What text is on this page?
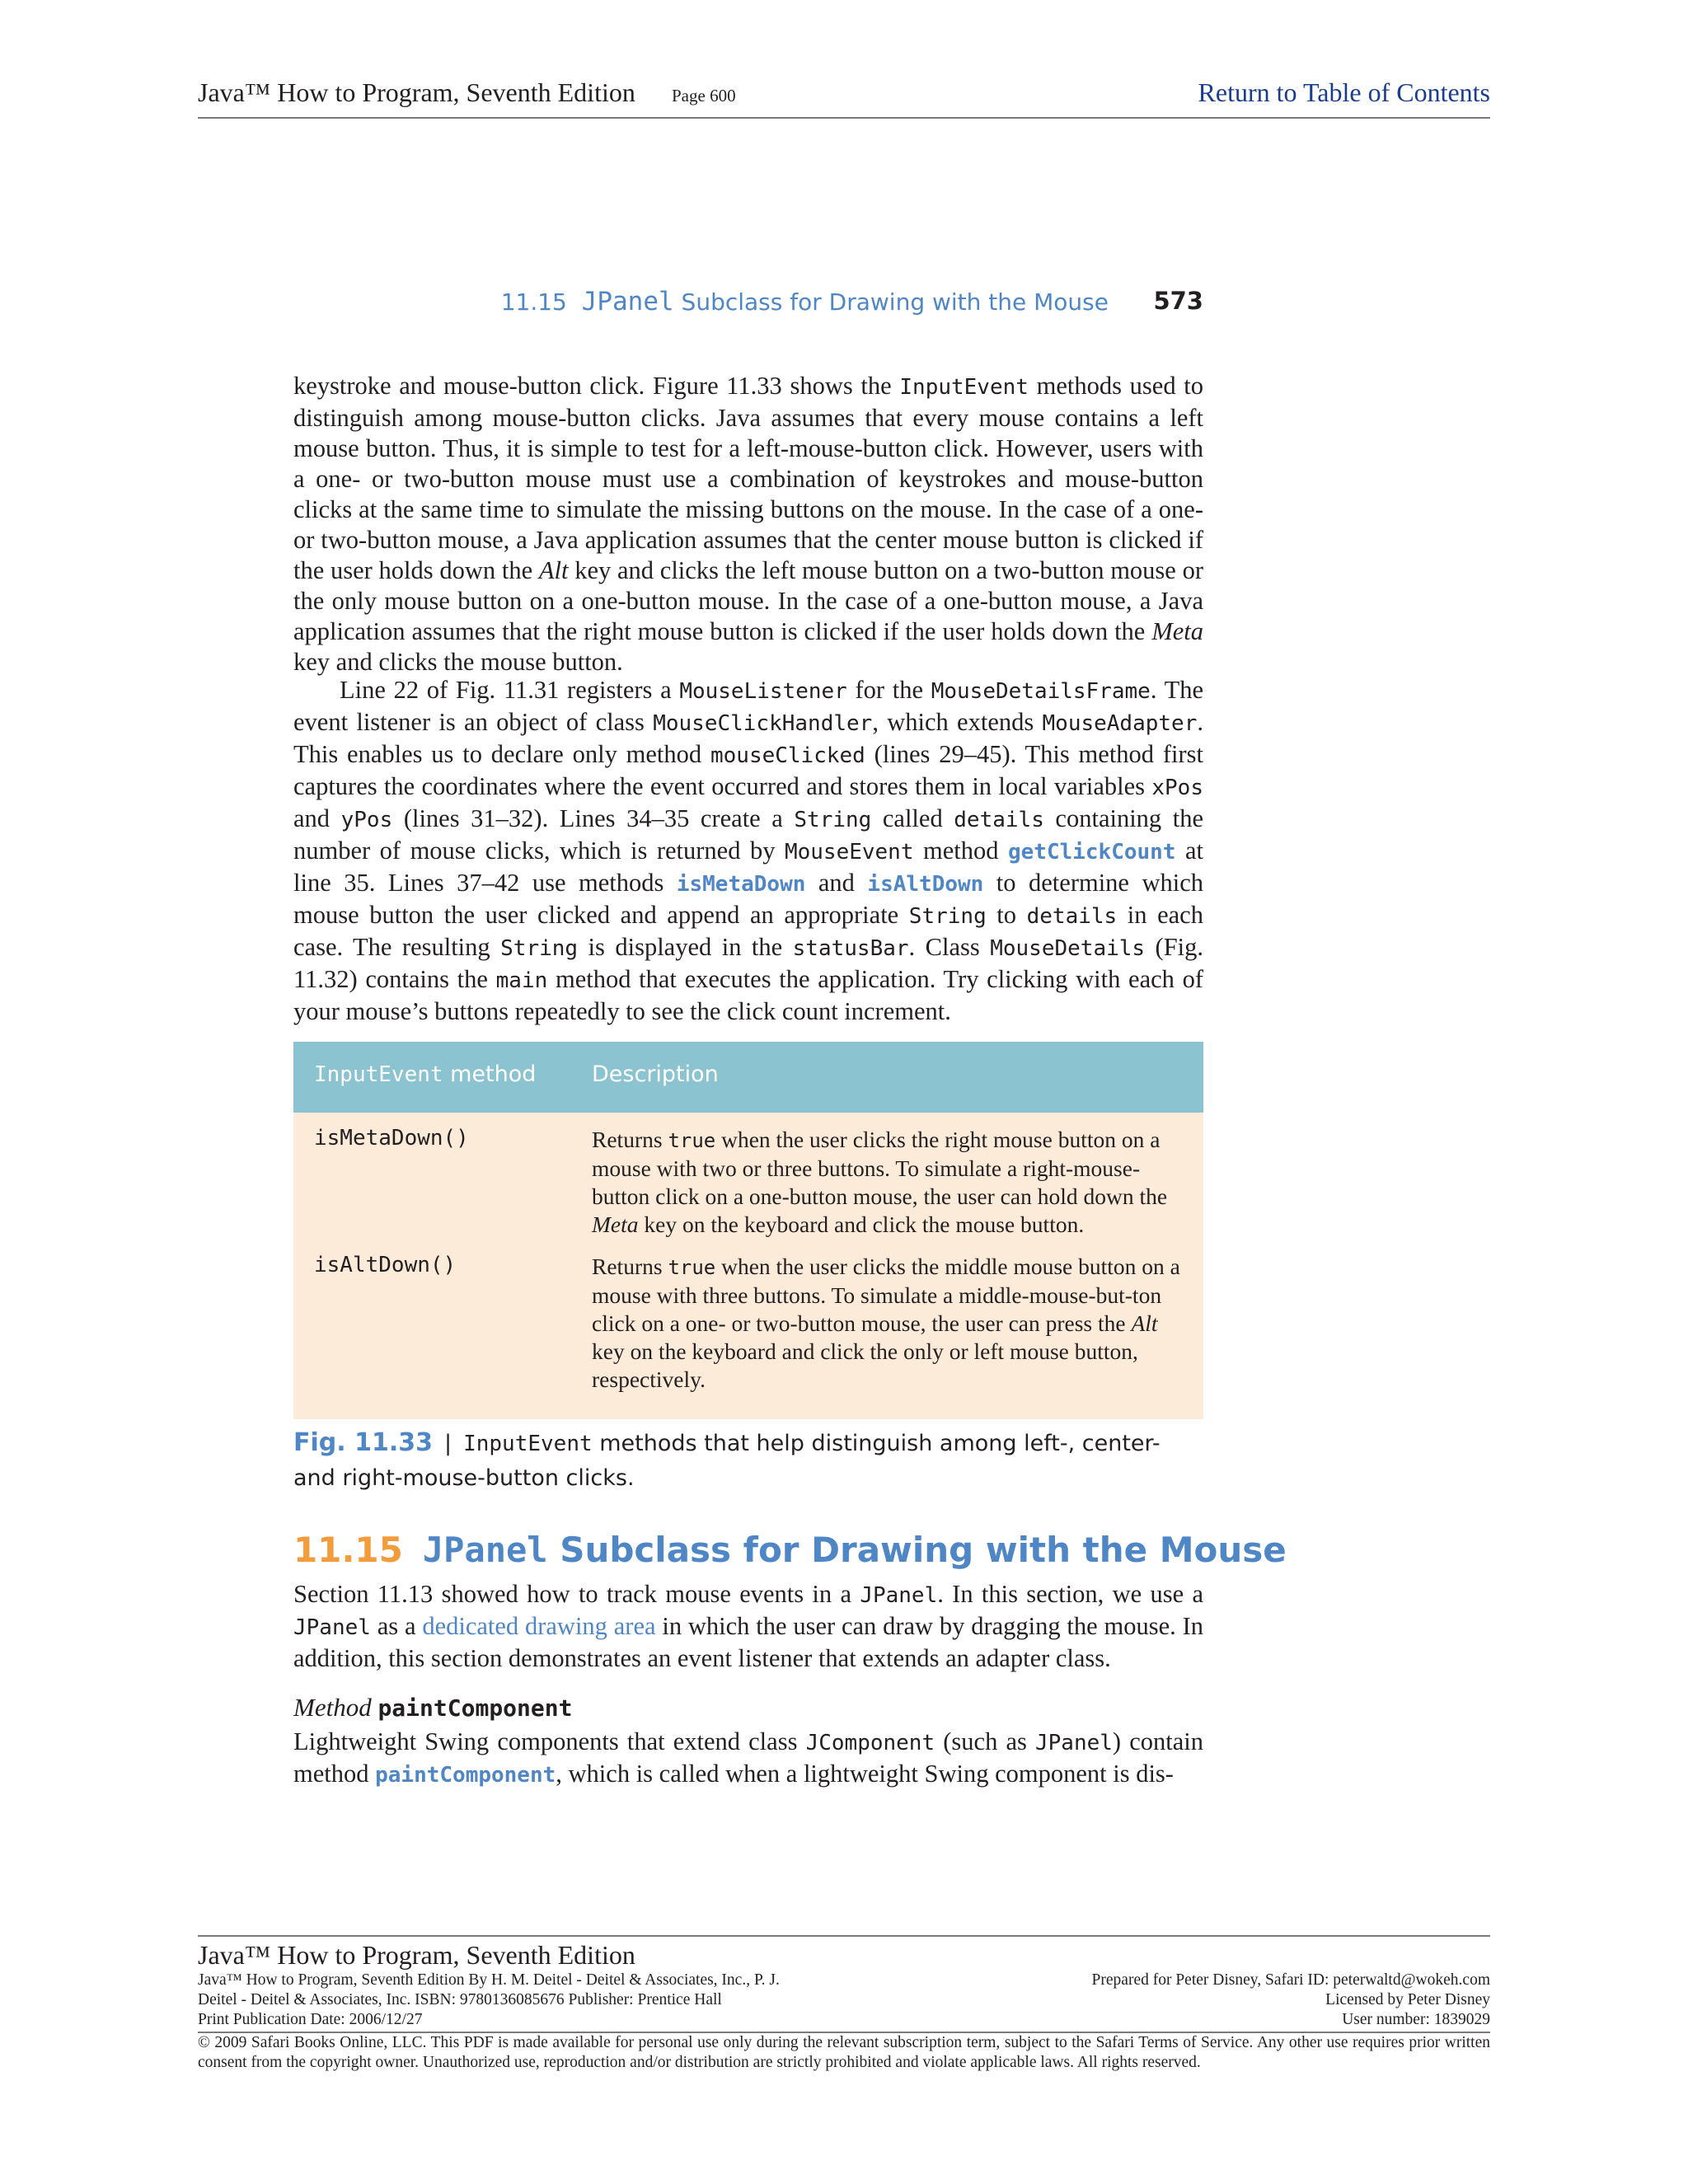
Java™ How to Program, Seventh Edition Page 600	Return to Table of Contents
11.15 JPanel Subclass for Drawing with the Mouse 573

keystroke and mouse-button click. Figure 11.33 shows the InputEvent methods used to distinguish among mouse-button clicks. Java assumes that every mouse contains a left mouse button. Thus, it is simple to test for a left-mouse-button click. However, users with a one- or two-button mouse must use a combination of keystrokes and mouse-button clicks at the same time to simulate the missing buttons on the mouse. In the case of a one- or two-button mouse, a Java application assumes that the center mouse button is clicked if the user holds down the Alt key and clicks the left mouse button on a two-button mouse or the only mouse button on a one-button mouse. In the case of a one-button mouse, a Java application assumes that the right mouse button is clicked if the user holds down the Meta key and clicks the mouse button.

Line 22 of Fig. 11.31 registers a MouseListener for the MouseDetailsFrame. The event listener is an object of class MouseClickHandler, which extends MouseAdapter. This enables us to declare only method mouseClicked (lines 29–45). This method first captures the coordinates where the event occurred and stores them in local variables xPos and yPos (lines 31–32). Lines 34–35 create a String called details containing the number of mouse clicks, which is returned by MouseEvent method getClickCount at line 35. Lines 37–42 use methods isMetaDown and isAltDown to determine which mouse button the user clicked and append an appropriate String to details in each case. The resulting String is displayed in the statusBar. Class MouseDetails (Fig. 11.32) contains the main method that executes the application. Try clicking with each of your mouse’s buttons repeatedly to see the click count increment.

InputEvent method	Description
isMetaDown()	Returns true when the user clicks the right mouse button on a mouse with two or three buttons. To simulate a right-mouse-button click on a one-button mouse, the user can hold down the Meta key on the keyboard and click the mouse button.
isAltDown()	Returns true when the user clicks the middle mouse button on a mouse with three buttons. To simulate a middle-mouse-but-ton click on a one- or two-button mouse, the user can press the Alt key on the keyboard and click the only or left mouse button, respectively.
Fig. 11.33 | InputEvent methods that help distinguish among left-, center- and right-mouse-button clicks.
11.15 JPanel Subclass for Drawing with the Mouse

Section 11.13 showed how to track mouse events in a JPanel. In this section, we use a JPanel as a dedicated drawing area in which the user can draw by dragging the mouse. In addition, this section demonstrates an event listener that extends an adapter class.

Method paintComponent

Lightweight Swing components that extend class JComponent (such as JPanel) contain method paintComponent, which is called when a lightweight Swing component is dis-

Java™ How to Program, Seventh Edition
Java™ How to Program, Seventh Edition By H. M. Deitel - Deitel & Associates, Inc., P. J.	Prepared for Peter Disney, Safari ID: peterwaltd@wokeh.com
Deitel - Deitel & Associates, Inc. ISBN: 9780136085676 Publisher: Prentice Hall	Licensed by Peter Disney
Print Publication Date: 2006/12/27	User number: 1839029
© 2009 Safari Books Online, LLC. This PDF is made available for personal use only during the relevant subscription term, subject to the Safari Terms of Service. Any other use requires prior written consent from the copyright owner. Unauthorized use, reproduction and/or distribution are strictly prohibited and violate applicable laws. All rights reserved.
